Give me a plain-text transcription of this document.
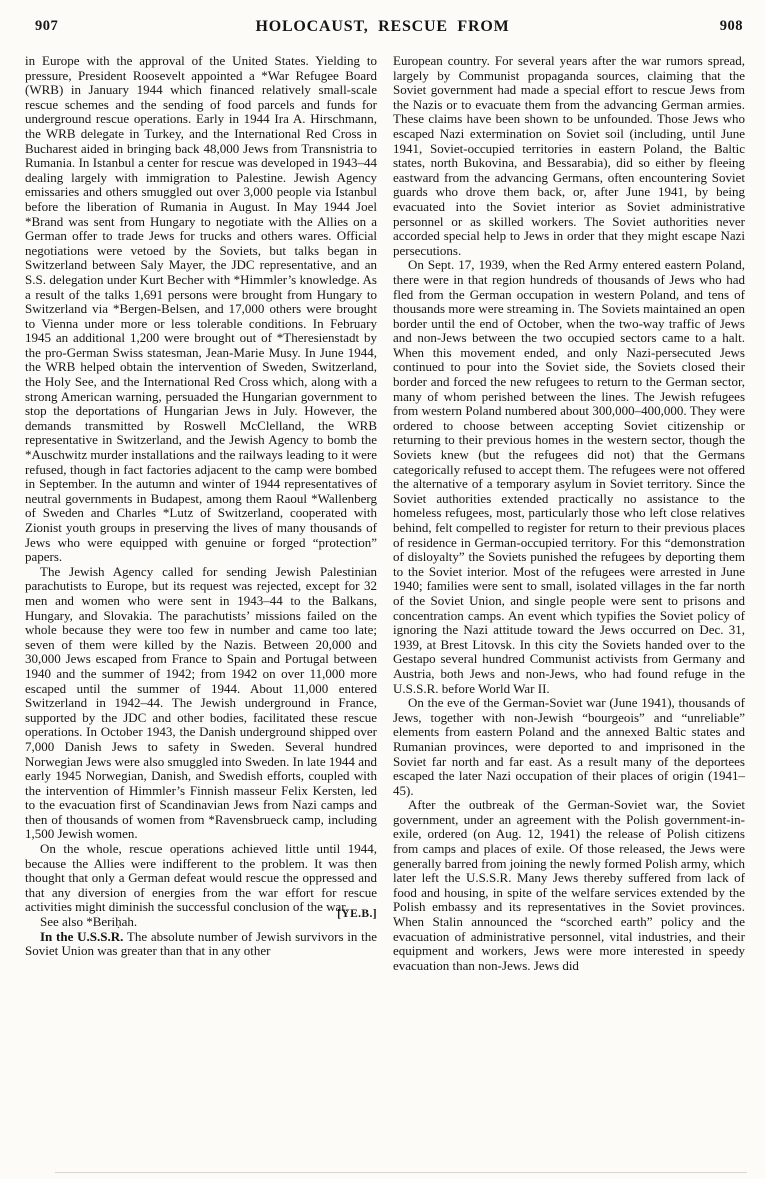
907	HOLOCAUST, RESCUE FROM	908

in Europe with the approval of the United States. Yielding to pressure, President Roosevelt appointed a *War Refugee Board (WRB) in January 1944 which financed relatively small-scale rescue schemes and the sending of food parcels and funds for underground rescue operations. Early in 1944 Ira A. Hirschmann, the WRB delegate in Turkey, and the International Red Cross in Bucharest aided in bringing back 48,000 Jews from Transnistria to Rumania. In Istanbul a center for rescue was developed in 1943–44 dealing largely with immigration to Palestine. Jewish Agency emissaries and others smuggled out over 3,000 people via Istanbul before the liberation of Rumania in August. In May 1944 Joel *Brand was sent from Hungary to negotiate with the Allies on a German offer to trade Jews for trucks and others wares. Official negotiations were vetoed by the Soviets, but talks began in Switzerland between Saly Mayer, the JDC representative, and an S.S. delegation under Kurt Becher with *Himmler’s knowledge. As a result of the talks 1,691 persons were brought from Hungary to Switzerland via *Bergen-Belsen, and 17,000 others were brought to Vienna under more or less tolerable conditions. In February 1945 an additional 1,200 were brought out of *Theresienstadt by the pro-German Swiss statesman, Jean-Marie Musy. In June 1944, the WRB helped obtain the intervention of Sweden, Switzerland, the Holy See, and the International Red Cross which, along with a strong American warning, persuaded the Hungarian government to stop the deportations of Hungarian Jews in July. However, the demands transmitted by Roswell McClelland, the WRB representative in Switzerland, and the Jewish Agency to bomb the *Auschwitz murder installations and the railways leading to it were refused, though in fact factories adjacent to the camp were bombed in September. In the autumn and winter of 1944 representatives of neutral governments in Budapest, among them Raoul *Wallenberg of Sweden and Charles *Lutz of Switzerland, cooperated with Zionist youth groups in preserving the lives of many thousands of Jews who were equipped with genuine or forged “protection” papers.

The Jewish Agency called for sending Jewish Palestinian parachutists to Europe, but its request was rejected, except for 32 men and women who were sent in 1943–44 to the Balkans, Hungary, and Slovakia. The parachutists’ missions failed on the whole because they were too few in number and came too late; seven of them were killed by the Nazis. Between 20,000 and 30,000 Jews escaped from France to Spain and Portugal between 1940 and the summer of 1942; from 1942 on over 11,000 more escaped until the summer of 1944. About 11,000 entered Switzerland in 1942–44. The Jewish underground in France, supported by the JDC and other bodies, facilitated these rescue operations. In October 1943, the Danish underground shipped over 7,000 Danish Jews to safety in Sweden. Several hundred Norwegian Jews were also smuggled into Sweden. In late 1944 and early 1945 Norwegian, Danish, and Swedish efforts, coupled with the intervention of Himmler’s Finnish masseur Felix Kersten, led to the evacuation first of Scandinavian Jews from Nazi camps and then of thousands of women from *Ravensbrueck camp, including 1,500 Jewish women.

On the whole, rescue operations achieved little until 1944, because the Allies were indifferent to the problem. It was then thought that only a German defeat would rescue the oppressed and that any diversion of energies from the war effort for rescue activities might diminish the successful conclusion of the war.

[YE.B.]
See also *Beriḥah.

In the U.S.S.R. The absolute number of Jewish survivors in the Soviet Union was greater than that in any other

European country. For several years after the war rumors spread, largely by Communist propaganda sources, claiming that the Soviet government had made a special effort to rescue Jews from the Nazis or to evacuate them from the advancing German armies. These claims have been shown to be unfounded. Those Jews who escaped Nazi extermination on Soviet soil (including, until June 1941, Soviet-occupied territories in eastern Poland, the Baltic states, north Bukovina, and Bessarabia), did so either by fleeing eastward from the advancing Germans, often encountering Soviet guards who drove them back, or, after June 1941, by being evacuated into the Soviet interior as Soviet administrative personnel or as skilled workers. The Soviet authorities never accorded special help to Jews in order that they might escape Nazi persecutions.

On Sept. 17, 1939, when the Red Army entered eastern Poland, there were in that region hundreds of thousands of Jews who had fled from the German occupation in western Poland, and tens of thousands more were streaming in. The Soviets maintained an open border until the end of October, when the two-way traffic of Jews and non-Jews between the two occupied sectors came to a halt. When this movement ended, and only Nazi-persecuted Jews continued to pour into the Soviet side, the Soviets closed their border and forced the new refugees to return to the German sector, many of whom perished between the lines. The Jewish refugees from western Poland numbered about 300,000–400,000. They were ordered to choose between accepting Soviet citizenship or returning to their previous homes in the western sector, though the Soviets knew (but the refugees did not) that the Germans categorically refused to accept them. The refugees were not offered the alternative of a temporary asylum in Soviet territory. Since the Soviet authorities extended practically no assistance to the homeless refugees, most, particularly those who left close relatives behind, felt compelled to register for return to their previous places of residence in German-occupied territory. For this “demonstration of disloyalty” the Soviets punished the refugees by deporting them to the Soviet interior. Most of the refugees were arrested in June 1940; families were sent to small, isolated villages in the far north of the Soviet Union, and single people were sent to prisons and concentration camps. An event which typifies the Soviet policy of ignoring the Nazi attitude toward the Jews occurred on Dec. 31, 1939, at Brest Litovsk. In this city the Soviets handed over to the Gestapo several hundred Communist activists from Germany and Austria, both Jews and non-Jews, who had found refuge in the U.S.S.R. before World War II.

On the eve of the German-Soviet war (June 1941), thousands of Jews, together with non-Jewish “bourgeois” and “unreliable” elements from eastern Poland and the annexed Baltic states and Rumanian provinces, were deported to and imprisoned in the Soviet far north and far east. As a result many of the deportees escaped the later Nazi occupation of their places of origin (1941–45).

After the outbreak of the German-Soviet war, the Soviet government, under an agreement with the Polish government-in-exile, ordered (on Aug. 12, 1941) the release of Polish citizens from camps and places of exile. Of those released, the Jews were generally barred from joining the newly formed Polish army, which later left the U.S.S.R. Many Jews thereby suffered from lack of food and housing, in spite of the welfare services extended by the Polish embassy and its representatives in the Soviet provinces. When Stalin announced the “scorched earth” policy and the evacuation of administrative personnel, vital industries, and their equipment and workers, Jews were more interested in speedy evacuation than non-Jews. Jews did
